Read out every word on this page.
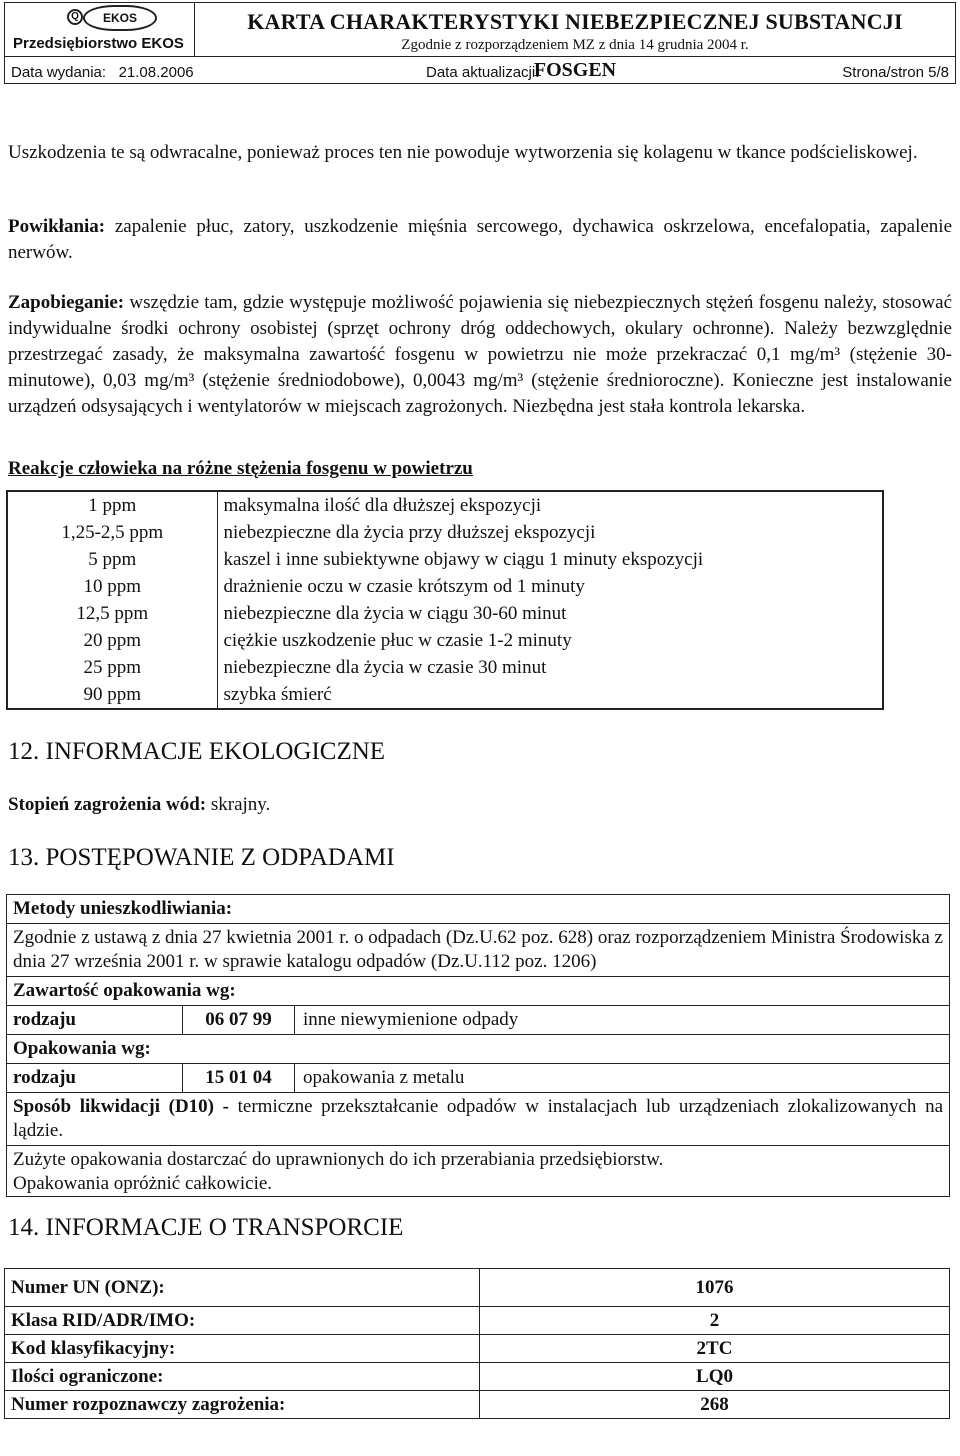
Q	EKOS
Przedsiębiorstwo EKOS
KARTA CHARAKTERYSTYKI NIEBEZPIECZNEJ SUBSTANCJI
Zgodnie z rozporządzeniem MZ z dnia 14 grudnia 2004 r.
FOSGEN
Data wydania: 21.08.2006	Data aktualizacji:	Strona/stron 5/8
Uszkodzenia te są odwracalne, ponieważ proces ten nie powoduje wytworzenia się kolagenu w tkance podścieliskowej.
Powikłania: zapalenie płuc, zatory, uszkodzenie mięśnia sercowego, dychawica oskrzelowa, encefalopatia, zapalenie nerwów.
Zapobieganie: wszędzie tam, gdzie występuje możliwość pojawienia się niebezpiecznych stężeń fosgenu należy, stosować indywidualne środki ochrony osobistej (sprzęt ochrony dróg oddechowych, okulary ochronne). Należy bezwzględnie przestrzegać zasady, że maksymalna zawartość fosgenu w powietrzu nie może przekraczać 0,1 mg/m³ (stężenie 30-minutowe), 0,03 mg/m³ (stężenie średniodobowe), 0,0043 mg/m³ (stężenie średnioroczne). Konieczne jest instalowanie urządzeń odsysających i wentylatorów w miejscach zagrożonych. Niezbędna jest stała kontrola lekarska.
Reakcje człowieka na różne stężenia fosgenu w powietrzu
1 ppm	maksymalna ilość dla dłuższej ekspozycji
1,25-2,5 ppm	niebezpieczne dla życia przy dłuższej ekspozycji
5 ppm	kaszel i inne subiektywne objawy w ciągu 1 minuty ekspozycji
10 ppm	drażnienie oczu w czasie krótszym od 1 minuty
12,5 ppm	niebezpieczne dla życia w ciągu 30-60 minut
20 ppm	ciężkie uszkodzenie płuc w czasie 1-2 minuty
25 ppm	niebezpieczne dla życia w czasie 30 minut
90 ppm	szybka śmierć
12. INFORMACJE EKOLOGICZNE
Stopień zagrożenia wód: skrajny.
13. POSTĘPOWANIE Z ODPADAMI
Metody unieszkodliwiania:
Zgodnie z ustawą z dnia 27 kwietnia 2001 r. o odpadach (Dz.U.62 poz. 628) oraz rozporządzeniem Ministra Środowiska z dnia 27 września 2001 r. w sprawie katalogu odpadów (Dz.U.112 poz. 1206)
Zawartość opakowania wg:
rodzaju	06 07 99	inne niewymienione odpady
Opakowania wg:
rodzaju	15 01 04	opakowania z metalu
Sposób likwidacji (D10) - termiczne przekształcanie odpadów w instalacjach lub urządzeniach zlokalizowanych na lądzie.
Zużyte opakowania dostarczać do uprawnionych do ich przerabiania przedsiębiorstw.
Opakowania opróżnić całkowicie.
14. INFORMACJE O TRANSPORCIE
Numer UN (ONZ):	1076
Klasa RID/ADR/IMO:	2
Kod klasyfikacyjny:	2TC
Ilości ograniczone:	LQ0
Numer rozpoznawczy zagrożenia:	268
